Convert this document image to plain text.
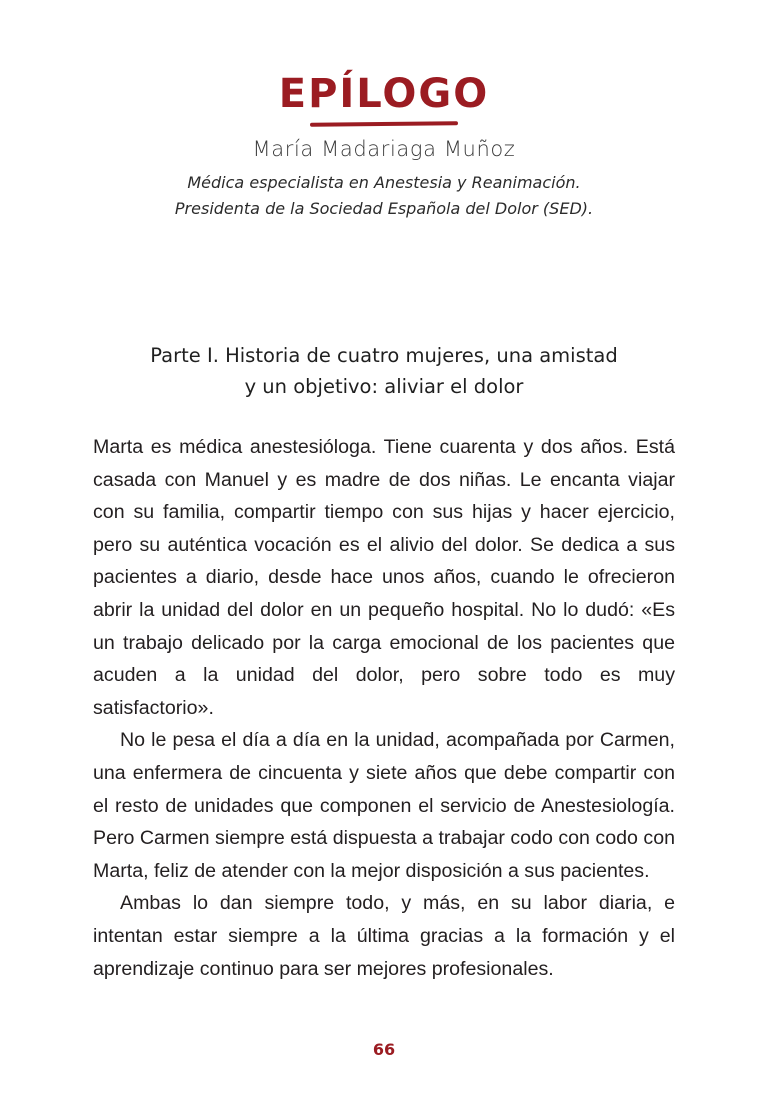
EPÍLOGO
María Madariaga Muñoz
Médica especialista en Anestesia y Reanimación.
Presidenta de la Sociedad Española del Dolor (SED).
Parte I. Historia de cuatro mujeres, una amistad
y un objetivo: aliviar el dolor

Marta es médica anestesióloga. Tiene cuarenta y dos años. Está casada con Manuel y es madre de dos niñas. Le encanta viajar con su familia, compartir tiempo con sus hijas y hacer ejercicio, pero su auténtica vocación es el alivio del dolor. Se dedica a sus pacientes a diario, desde hace unos años, cuando le ofrecieron abrir la unidad del dolor en un pequeño hospital. No lo dudó: «Es un trabajo delicado por la carga emocional de los pacientes que acuden a la unidad del dolor, pero sobre todo es muy satisfactorio».

No le pesa el día a día en la unidad, acompañada por Carmen, una enfermera de cincuenta y siete años que debe compartir con el resto de unidades que componen el servicio de Anestesiología. Pero Carmen siempre está dispuesta a trabajar codo con codo con Marta, feliz de atender con la mejor disposición a sus pacientes.

Ambas lo dan siempre todo, y más, en su labor diaria, e intentan estar siempre a la última gracias a la formación y el aprendizaje continuo para ser mejores profesionales.

66
